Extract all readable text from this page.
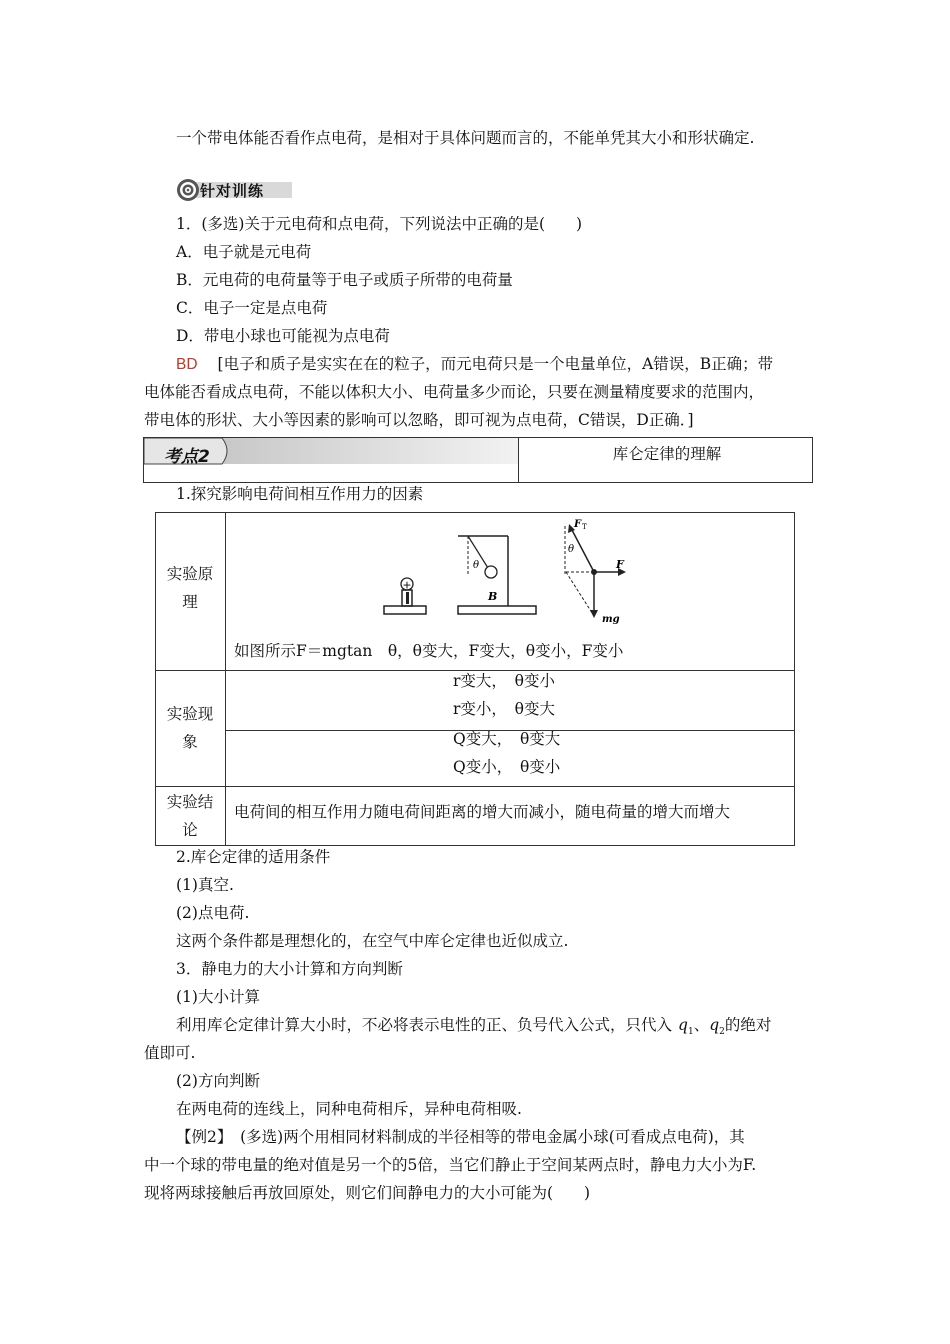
一个带电体能否看作点电荷，是相对于具体问题而言的，不能单凭其大小和形状确定.
针对训练
1．(多选)关于元电荷和点电荷，下列说法中正确的是(　　)
A．电子就是元电荷
B．元电荷的电荷量等于电子或质子所带的电荷量
C．电子一定是点电荷
D．带电小球也可能视为点电荷
BD [电子和质子是实实在在的粒子，而元电荷只是一个电量单位，A错误，B正确；带
电体能否看成点电荷，不能以体积大小、电荷量多少而论，只要在测量精度要求的范围内，
带电体的形状、大小等因素的影响可以忽略，即可视为点电荷，C错误，D正确．]
考点2	库仑定律的理解
1.探究影响电荷间相互作用力的因素
实验原
理
+
θ
B
F T
θ
F
mg
如图所示F＝mgtan　θ，θ变大，F变大，θ变小，F变小
实验现
象
r变大，　θ变小
r变小，　θ变大
Q变大，　θ变大
Q变小，　θ变小
实验结
论
电荷间的相互作用力随电荷间距离的增大而减小，随电荷量的增大而增大
2.库仑定律的适用条件
(1)真空.
(2)点电荷.
这两个条件都是理想化的，在空气中库仑定律也近似成立.
3．静电力的大小计算和方向判断
(1)大小计算
利用库仑定律计算大小时，不必将表示电性的正、负号代入公式，只代入 $q_1$、$q_2$的绝对
值即可.
(2)方向判断
在两电荷的连线上，同种电荷相斥，异种电荷相吸.
【例2】　(多选)两个用相同材料制成的半径相等的带电金属小球(可看成点电荷)，其
中一个球的带电量的绝对值是另一个的5倍，当它们静止于空间某两点时，静电力大小为F.
现将两球接触后再放回原处，则它们间静电力的大小可能为(　　)
